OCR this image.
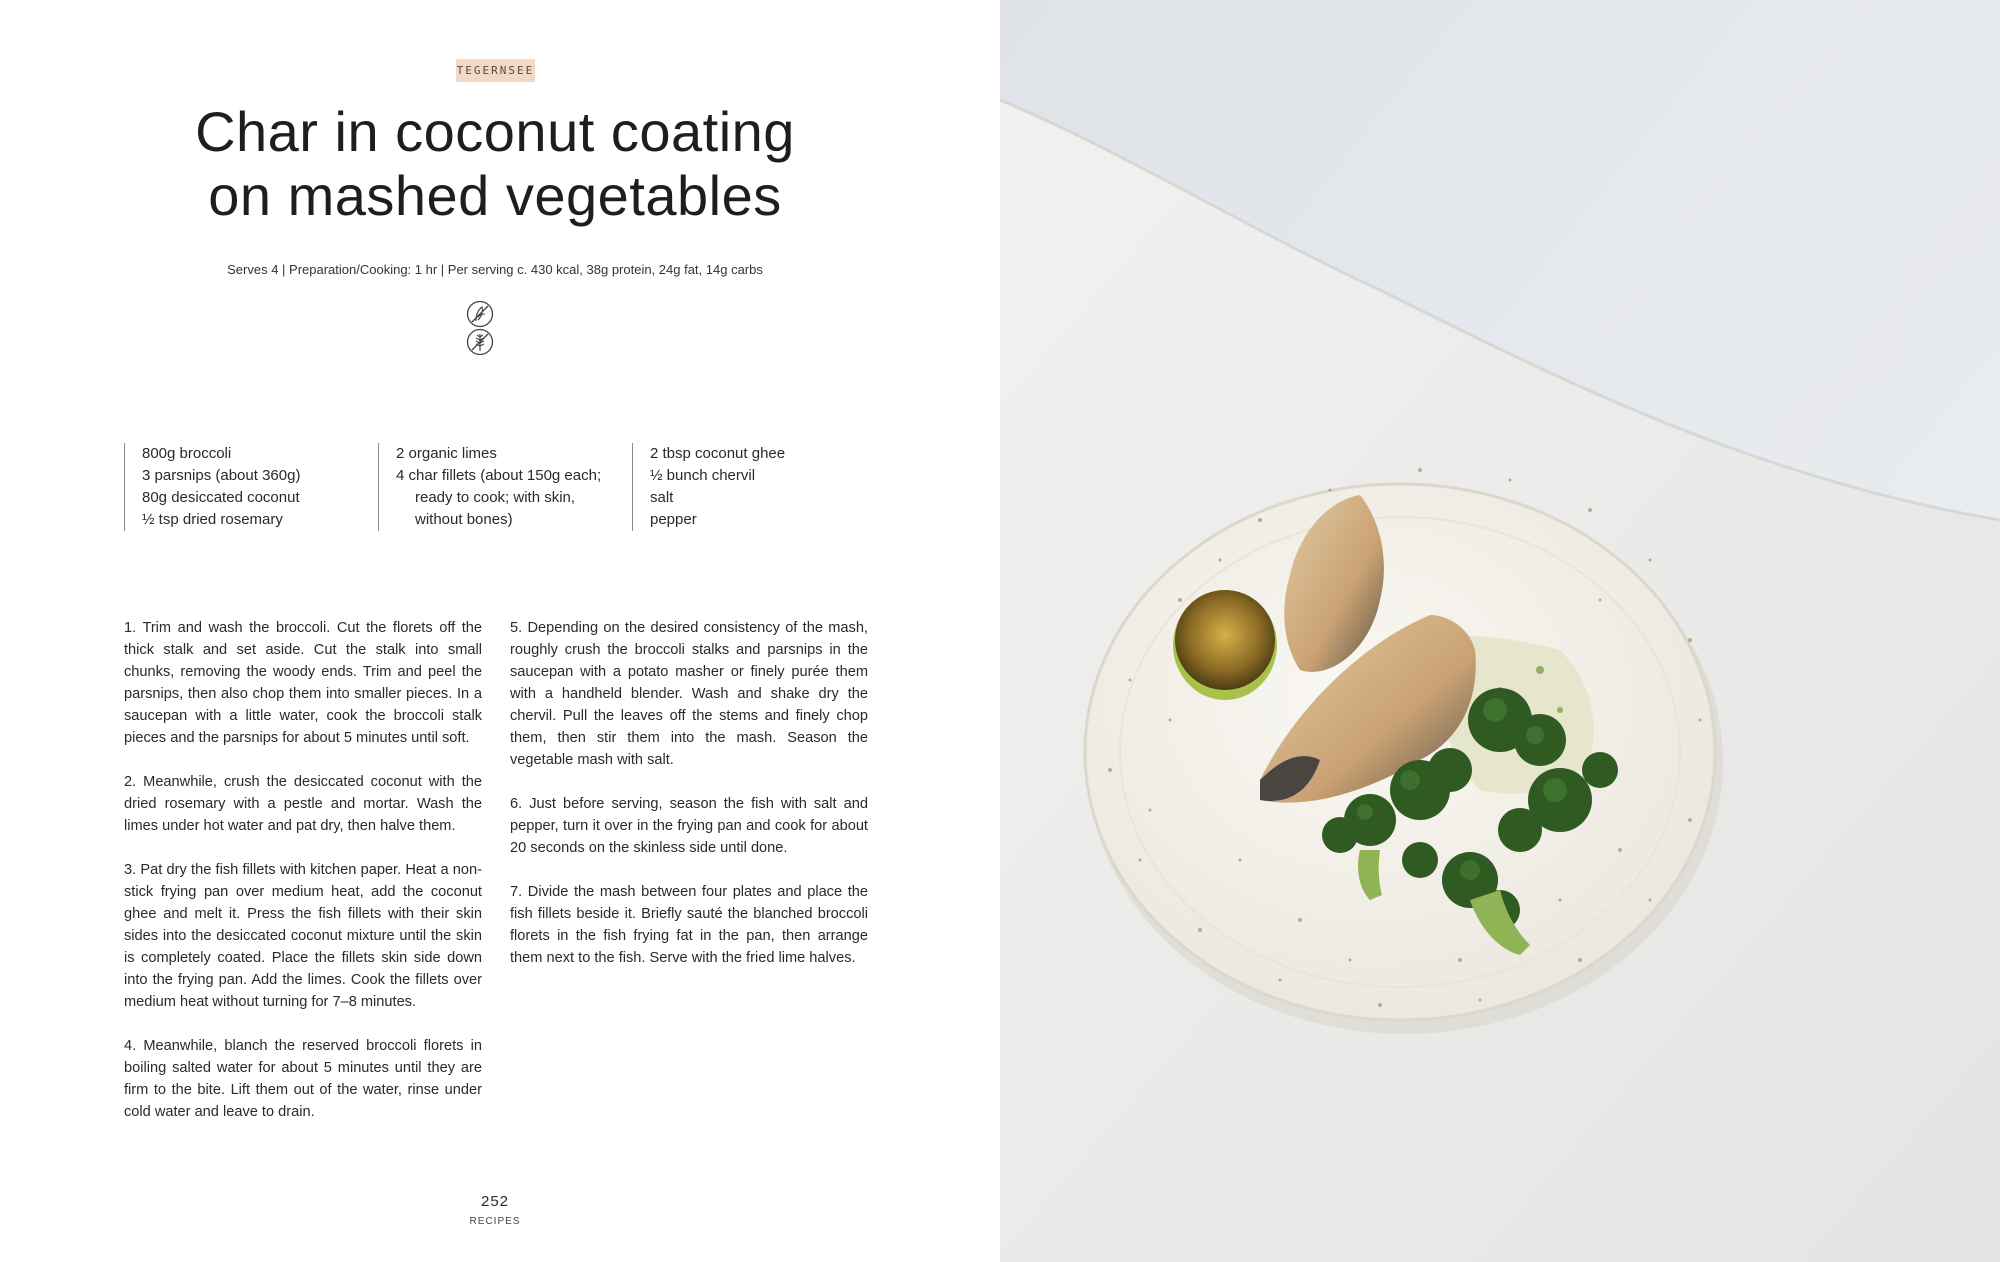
TEGERNSEE
Char in coconut coating
on mashed vegetables
Serves 4 | Preparation/Cooking: 1 hr | Per serving c. 430 kcal, 38g protein, 24g fat, 14g carbs

800g broccoli
3 parsnips (about 360g)
80g desiccated coconut
½ tsp dried rosemary
2 organic limes
4 char fillets (about 150g each;
ready to cook; with skin,
without bones)
2 tbsp coconut ghee
½ bunch chervil
salt
pepper

1. Trim and wash the broccoli. Cut the florets off the thick stalk and set aside. Cut the stalk into small chunks, removing the woody ends. Trim and peel the parsnips, then also chop them into smaller pieces. In a saucepan with a little water, cook the broccoli stalk pieces and the parsnips for about 5 minutes until soft.

2. Meanwhile, crush the desiccated coconut with the dried rosemary with a pestle and mortar. Wash the limes under hot water and pat dry, then halve them.

3. Pat dry the fish fillets with kitchen paper. Heat a non-stick frying pan over medium heat, add the coconut ghee and melt it. Press the fish fillets with their skin sides into the desiccated coconut mixture until the skin is completely coated. Place the fillets skin side down into the frying pan. Add the limes. Cook the fillets over medium heat without turning for 7–8 minutes.

4. Meanwhile, blanch the reserved broccoli florets in boiling salted water for about 5 minutes until they are firm to the bite. Lift them out of the water, rinse under cold water and leave to drain.

5. Depending on the desired consistency of the mash, roughly crush the broccoli stalks and parsnips in the saucepan with a potato masher or finely purée them with a handheld blender. Wash and shake dry the chervil. Pull the leaves off the stems and finely chop them, then stir them into the mash. Season the vegetable mash with salt.

6. Just before serving, season the fish with salt and pepper, turn it over in the frying pan and cook for about 20 seconds on the skinless side until done.

7. Divide the mash between four plates and place the fish fillets beside it. Briefly sauté the blanched broccoli florets in the fish frying fat in the pan, then arrange them next to the fish. Serve with the fried lime halves.

252
RECIPES
